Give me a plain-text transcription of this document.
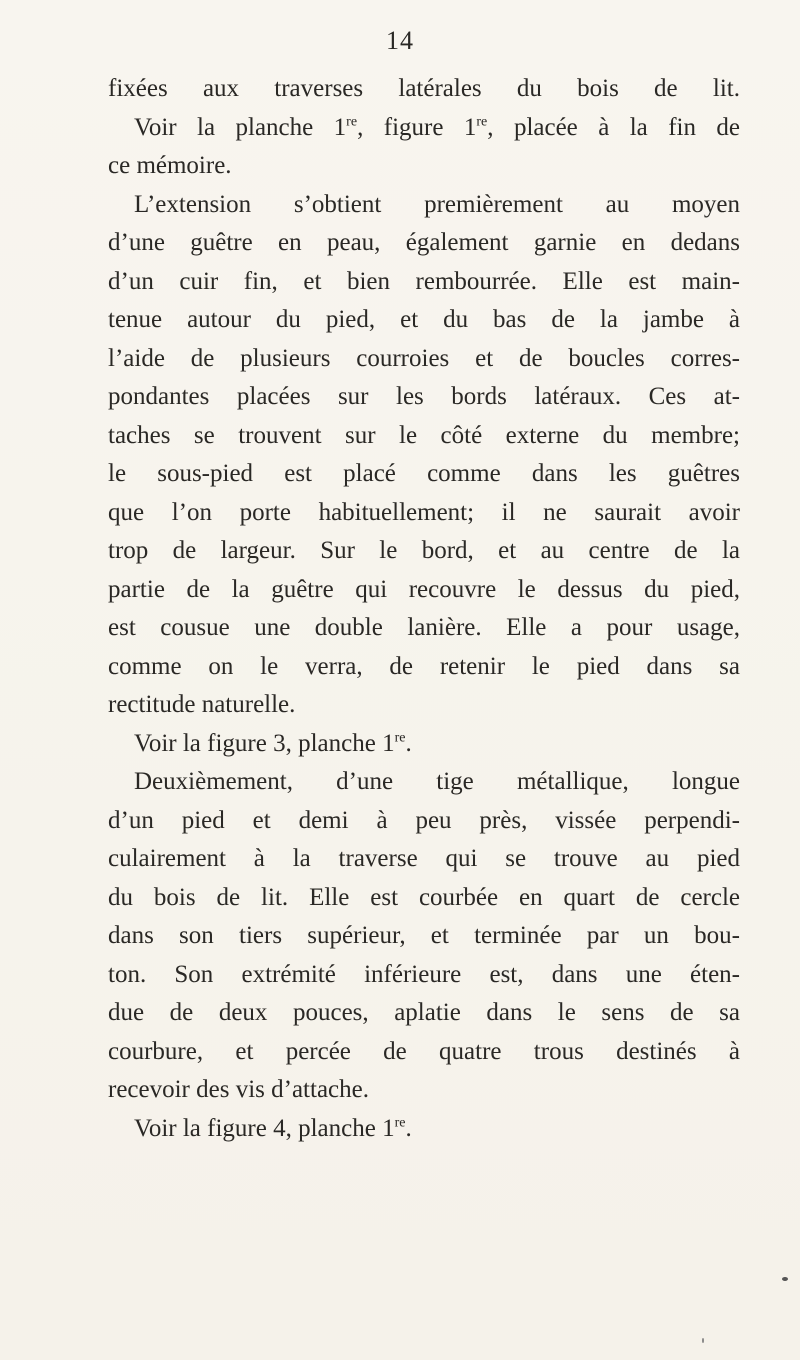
14
fixées aux traverses latérales du bois de lit.
Voir la planche 1re, figure 1re, placée à la fin de
ce mémoire.
L’extension s’obtient premièrement au moyen
d’une guêtre en peau, également garnie en dedans
d’un cuir fin, et bien rembourrée. Elle est main-
tenue autour du pied, et du bas de la jambe à
l’aide de plusieurs courroies et de boucles corres-
pondantes placées sur les bords latéraux. Ces at-
taches se trouvent sur le côté externe du membre;
le sous-pied est placé comme dans les guêtres
que l’on porte habituellement; il ne saurait avoir
trop de largeur. Sur le bord, et au centre de la
partie de la guêtre qui recouvre le dessus du pied,
est cousue une double lanière. Elle a pour usage,
comme on le verra, de retenir le pied dans sa
rectitude naturelle.
Voir la figure 3, planche 1re.
Deuxièmement, d’une tige métallique, longue
d’un pied et demi à peu près, vissée perpendi-
culairement à la traverse qui se trouve au pied
du bois de lit. Elle est courbée en quart de cercle
dans son tiers supérieur, et terminée par un bou-
ton. Son extrémité inférieure est, dans une éten-
due de deux pouces, aplatie dans le sens de sa
courbure, et percée de quatre trous destinés à
recevoir des vis d’attache.
Voir la figure 4, planche 1re.
